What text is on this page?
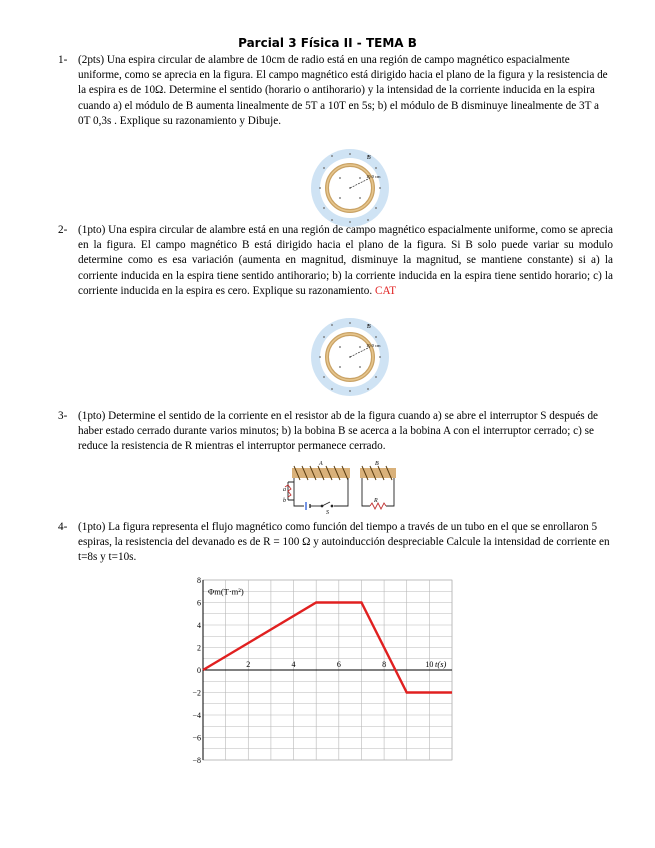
Parcial 3 Física II - TEMA B
1- (2pts) Una espira circular de alambre de 10cm de radio está en una región de campo magnético espacialmente uniforme, como se aprecia en la figura. El campo magnético está dirigido hacia el plano de la figura y la resistencia de la espira es de 10Ω. Determine el sentido (horario o antihorario) y la intensidad de la corriente inducida en la espira cuando a) el módulo de B aumenta linealmente de 5T a 10T en 5s; b) el módulo de B disminuye linealmente de 3T a 0T 0,3s . Explique su razonamiento y Dibuje.
10.0 cm
B
2- (1pto) Una espira circular de alambre está en una región de campo magnético espacialmente uniforme, como se aprecia en la figura. El campo magnético B está dirigido hacia el plano de la figura. Si B solo puede variar su modulo determine como es esa variación (aumenta en magnitud, disminuye la magnitud, se mantiene constante) si a) la corriente inducida en la espira tiene sentido antihorario; b) la corriente inducida en la espira tiene sentido horario; c) la corriente inducida en la espira es cero. Explique su razonamiento. CAT
10.0 cm
B
3- (1pto) Determine el sentido de la corriente en el resistor ab de la figura cuando a) se abre el interruptor S después de haber estado cerrado durante varios minutos; b) la bobina B se acerca a la bobina A con el interruptor cerrado; c) se reduce la resistencia de R mientras el interruptor permanece cerrado.
a
b
A	B
S
R
4- (1pto) La figura representa el flujo magnético como función del tiempo a través de un tubo en el que se enrollaron 5 espiras, la resistencia del devanado es de R = 100 Ω y autoinducción despreciable Calcule la intensidad de corriente en t=8s y t=10s.
8
6
4
2
0
−2
−4
−6
−8
2	4	6	8	10
Φm(T·m²)
t(s)
